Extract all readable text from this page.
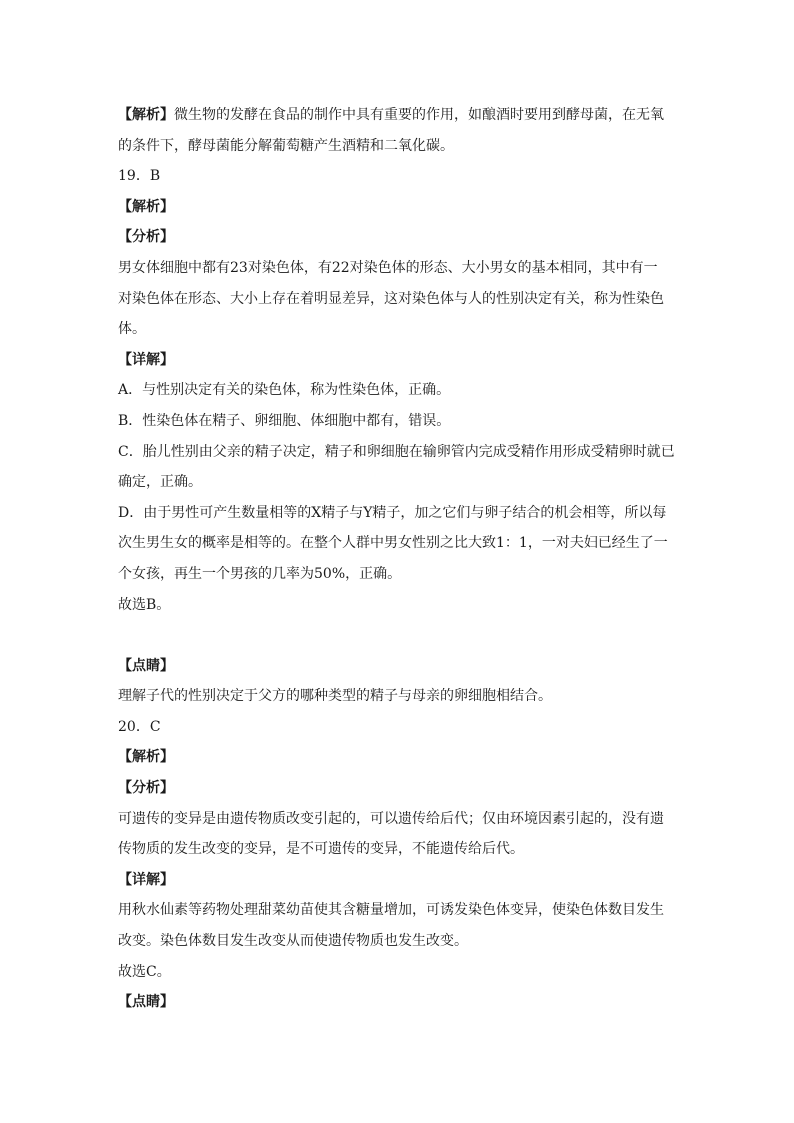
【解析】微生物的发酵在食品的制作中具有重要的作用，如酿酒时要用到酵母菌，在无氧
的条件下，酵母菌能分解葡萄糖产生酒精和二氧化碳。
19．B
【解析】
【分析】
男女体细胞中都有23对染色体，有22对染色体的形态、大小男女的基本相同，其中有一
对染色体在形态、大小上存在着明显差异，这对染色体与人的性别决定有关，称为性染色
体。
【详解】
A．与性别决定有关的染色体，称为性染色体，正确。
B．性染色体在精子、卵细胞、体细胞中都有，错误。
C．胎儿性别由父亲的精子决定，精子和卵细胞在输卵管内完成受精作用形成受精卵时就已
确定，正确。
D．由于男性可产生数量相等的X精子与Y精子，加之它们与卵子结合的机会相等，所以每
次生男生女的概率是相等的。在整个人群中男女性别之比大致1：1，一对夫妇已经生了一
个女孩，再生一个男孩的几率为50%，正确。
故选B。
【点睛】
理解子代的性别决定于父方的哪种类型的精子与母亲的卵细胞相结合。
20．C
【解析】
【分析】
可遗传的变异是由遗传物质改变引起的，可以遗传给后代；仅由环境因素引起的，没有遗
传物质的发生改变的变异，是不可遗传的变异，不能遗传给后代。
【详解】
用秋水仙素等药物处理甜菜幼苗使其含糖量增加，可诱发染色体变异，使染色体数目发生
改变。染色体数目发生改变从而使遗传物质也发生改变。
故选C。
【点睛】
